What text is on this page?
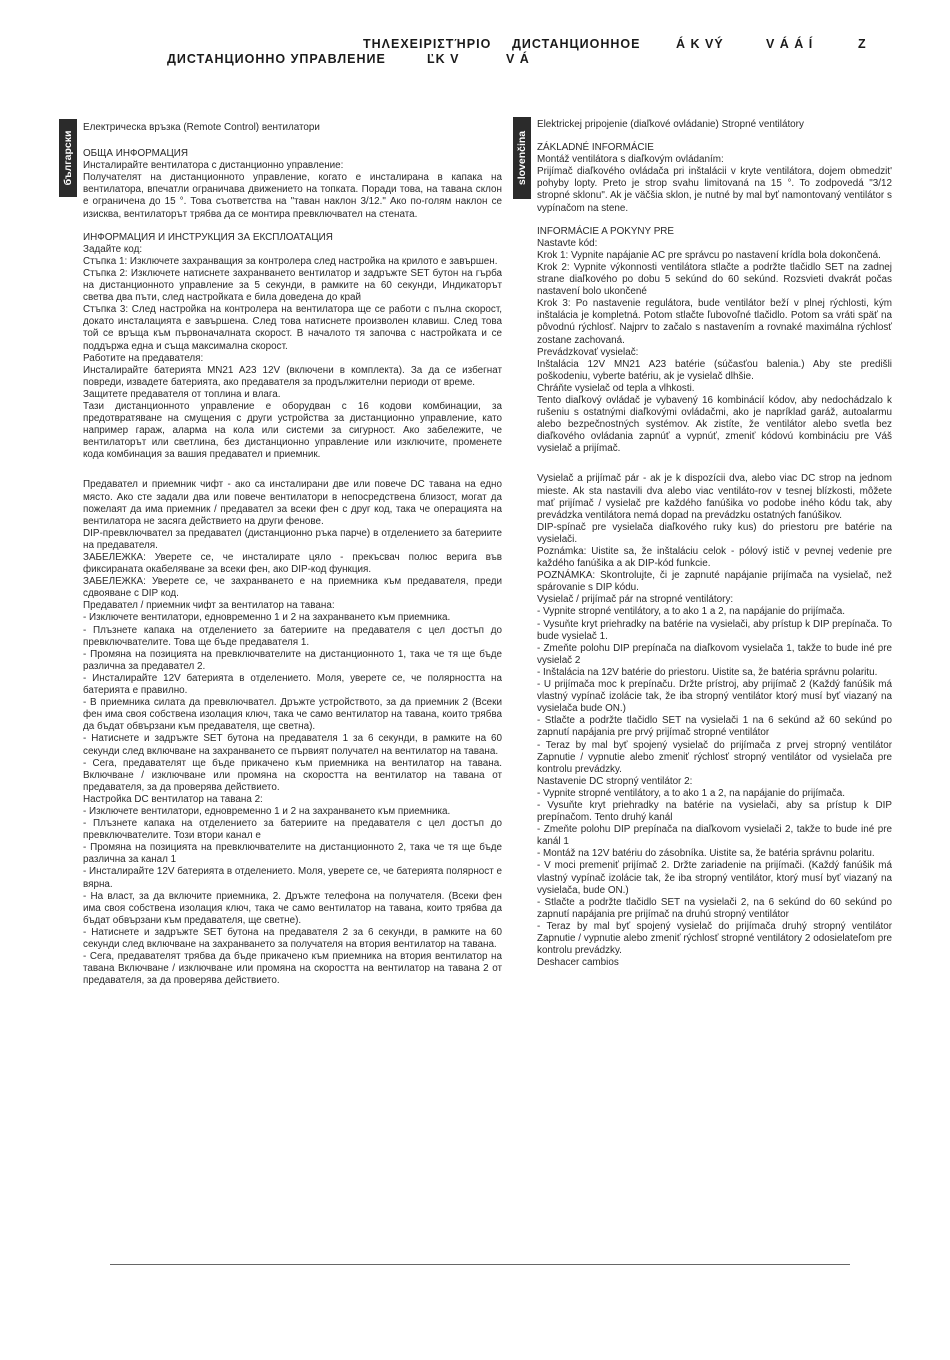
ΤΗΛΕΧΕΙΡΙΣΤΉΡΙΟ ДИСТАНЦИОННОЕ	Á K VÝ	V Á Á Í	Z
ДИСТАНЦИОННО УПРАВЛЕНИЕ	ĽK V	V Á
български

Електрическа връзка (Remote Control) вентилатори

ОБЩА ИНФОРМАЦИЯ

Инсталирайте вентилатора с дистанционно управление:

Получателят на дистанционното управление, когато е инсталирана в капака на вентилатора, впечатли ограничава движението на топката. Поради това, на тавана склон е ограничена до 15 °. Това съответства на "таван наклон 3/12." Ако по-голям наклон се изисква, вентилаторът трябва да се монтира превключвател на стената.

ИНФОРМАЦИЯ И ИНСТРУКЦИЯ ЗА ЕКСПЛОАТАЦИЯ

Задайте код:

Стъпка 1: Изключете захранващия за контролера след настройка на крилото е завършен.

Стъпка 2: Изключете натиснете захранването вентилатор и задръжте SET бутон на гърба на дистанционното управление за 5 секунди, в рамките на 60 секунди, Индикаторът светва два пъти, след настройката е била доведена до край

Стъпка 3: След настройка на контролера на вентилатора ще се работи с пълна скорост, докато инсталацията е завършена. След това натиснете произволен клавиш. След това той се връща към първоначалната скорост. В началото тя започва с настройката и се поддържа една и съща максимална скорост.

Работите на предавателя:

Инсталирайте батерията MN21 A23 12V (включени в комплекта). За да се избегнат повреди, извадете батерията, ако предавателя за продължителни периоди от време.

Защитете предавателя от топлина и влага.

Тази дистанционното управление е оборудван с 16 кодови комбинации, за предотвратяване на смущения с други устройства за дистанционно управление, като например гараж, аларма на кола или системи за сигурност. Ако забележите, че вентилаторът или светлина, без дистанционно управление или изключите, променете кода комбинация за вашия предавател и приемник.

Предавател и приемник чифт - ако са инсталирани две или повече DC тавана на едно място. Ако сте задали два или повече вентилатори в непосредствена близост, могат да пожелаят да има приемник / предавател за всеки фен с друг код, така че операцията на вентилатора не засяга действието на други фенове.

DIP-превключвател за предавател (дистанционно ръка парче) в отделението за батериите на предавателя.

ЗАБЕЛЕЖКА: Уверете се, че инсталирате цяло - прекъсвач полюс верига във фиксираната окабеляване за всеки фен, ако DIP-код функция.

ЗАБЕЛЕЖКА: Уверете се, че захранването е на приемника към предавателя, преди сдвояване с DIP код.

Предавател / приемник чифт за вентилатор на тавана:

- Изключете вентилатори, едновременно 1 и 2 на захранването към приемника.

- Плъзнете капака на отделението за батериите на предавателя с цел достъп до превключвателите. Това ще бъде предавателя 1.

- Промяна на позицията на превключвателите на дистанционното 1, така че тя ще бъде различна за предавател 2.

- Инсталирайте 12V батерията в отделението. Моля, уверете се, че полярността на батерията е правилно.

- В приемника силата да превключвател. Дръжте устройството, за да приемник 2 (Всеки фен има своя собствена изолация ключ, така че само вентилатор на тавана, които трябва да бъдат обвързани към предавателя, ще светна).

- Натиснете и задръжте SET бутона на предавателя 1 за 6 секунди, в рамките на 60 секунди след включване на захранването се първият получател на вентилатор на тавана.

- Сега, предавателят ще бъде прикачено към приемника на вентилатор на тавана. Включване / изключване или промяна на скоростта на вентилатор на тавана от предавателя, за да проверява действието.

Настройка DC вентилатор на тавана 2:

- Изключете вентилатори, едновременно 1 и 2 на захранването към приемника.

- Плъзнете капака на отделението за батериите на предавателя с цел достъп до превключвателите. Този втори канал е

- Промяна на позицията на превключвателите на дистанционното 2, така че тя ще бъде различна за канал 1

- Инсталирайте 12V батерията в отделението. Моля, уверете се, че батерията полярност е вярна.

- На власт, за да включите приемника, 2. Дръжте телефона на получателя. (Всеки фен има своя собствена изолация ключ, така че само вентилатор на тавана, които трябва да бъдат обвързани към предавателя, ще светне).

- Натиснете и задръжте SET бутона на предавателя 2 за 6 секунди, в рамките на 60 секунди след включване на захранването за получателя на втория вентилатор на тавана.

- Сега, предавателят трябва да бъде прикачено към приемника на втория вентилатор на тавана Включване / изключване или промяна на скоростта на вентилатор на тавана 2 от предавателя, за да проверява действието.

slovenčina

Elektrickej pripojenie (diaľkové ovládanie) Stropné ventilátory

ZÁKLADNÉ INFORMÁCIE

Montáž ventilátora s diaľkovým ovládaním:

Prijímač diaľkového ovládača pri inštalácii v kryte ventilátora, dojem obmedzit' pohyby lopty. Preto je strop svahu limitovaná na 15 °. To zodpovedá "3/12 stropné sklonu". Ak je väčšia sklon, je nutné by mal byť namontovaný ventilátor s vypínačom na stene.

INFORMÁCIE A POKYNY PRE

Nastavte kód:

Krok 1: Vypnite napájanie AC pre správcu po nastavení krídla bola dokončená.

Krok 2: Vypnite výkonnosti ventilátora stlačte a podržte tlačidlo SET na zadnej strane diaľkového po dobu 5 sekúnd do 60 sekúnd. Rozsvieti dvakrát počas nastavení bolo ukončené

Krok 3: Po nastavenie regulátora, bude ventilátor beží v plnej rýchlosti, kým inštalácia je kompletná. Potom stlačte ľubovoľné tlačidlo. Potom sa vráti späť na pôvodnú rýchlosť. Najprv to začalo s nastavením a rovnaké maximálna rýchlosť zostane zachovaná.

Prevádzkovať vysielač:

Inštalácia 12V MN21 A23 batérie (súčasťou balenia.) Aby ste predišli poškodeniu, vyberte batériu, ak je vysielač dlhšie.

Chráňte vysielač od tepla a vlhkosti.

Tento diaľkový ovládač je vybavený 16 kombinácií kódov, aby nedochádzalo k rušeniu s ostatnými diaľkovými ovládačmi, ako je napríklad garáž, autoalarmu alebo bezpečnostných systémov. Ak zistíte, že ventilátor alebo svetla bez diaľkového ovládania zapnúť a vypnúť, zmeniť kódovú kombináciu pre Váš vysielač a prijímač.

Vysielač a prijímač pár - ak je k dispozícii dva, alebo viac DC strop na jednom mieste. Ak sta nastavili dva alebo viac ventiláto-rov v tesnej blízkosti, môžete mať prijímač / vysielač pre každého fanúšika vo podobe iného kódu tak, aby prevádzka ventilátora nemá dopad na prevádzku ostatných fanúšikov.

DIP-spínač pre vysielača diaľkového ruky kus) do priestoru pre batérie na vysielači.

Poznámka: Uistite sa, že inštaláciu celok - pólový istič v pevnej vedenie pre každého fanúšika a ak DIP-kód funkcie.

POZNÁMKA: Skontrolujte, či je zapnuté napájanie prijímača na vysielač, než spárovanie s DIP kódu.

Vysielač / prijímač pár na stropné ventilátory:

- Vypnite stropné ventilátory, a to ako 1 a 2, na napájanie do prijímača.

- Vysuňte kryt priehradky na batérie na vysielači, aby prístup k DIP prepínača. To bude vysielač 1.

- Zmeňte polohu DIP prepínača na diaľkovom vysielača 1, takže to bude iné pre vysielač 2

- Inštalácia na 12V batérie do priestoru. Uistite sa, že batéria správnu polaritu.

- U prijímača moc k prepínaču. Držte prístroj, aby prijímač 2 (Každý fanúšik má vlastný vypínač izolácie tak, že iba stropný ventilátor ktorý musí byť viazaný na vysielača bude ON.)

- Stlačte a podržte tlačidlo SET na vysielači 1 na 6 sekúnd až 60 sekúnd po zapnutí napájania pre prvý prijímač stropné ventilátor

- Teraz by mal byť spojený vysielač do prijímača z prvej stropný ventilátor Zapnutie / vypnutie alebo zmeniť rýchlosť stropný ventilátor od vysielača pre kontrolu prevádzky.

Nastavenie DC stropný ventilátor 2:

- Vypnite stropné ventilátory, a to ako 1 a 2, na napájanie do prijímača.

- Vysuňte kryt priehradky na batérie na vysielači, aby sa prístup k DIP prepínačom. Tento druhý kanál

- Zmeňte polohu DIP prepínača na diaľkovom vysielači 2, takže to bude iné pre kanál 1

- Montáž na 12V batériu do zásobníka. Uistite sa, že batéria správnu polaritu.

- V moci premeniť prijímač 2. Držte zariadenie na prijímači. (Každý fanúšik má vlastný vypínač izolácie tak, že iba stropný ventilátor, ktorý musí byť viazaný na vysielača, bude ON.)

- Stlačte a podržte tlačidlo SET na vysielači 2, na 6 sekúnd do 60 sekúnd po zapnutí napájania pre prijímač na druhú stropný ventilátor

- Teraz by mal byť spojený vysielač do prijímača druhý stropný ventilátor Zapnutie / vypnutie alebo zmeniť rýchlosť stropné ventilátory 2 odosielateľom pre kontrolu prevádzky.

Deshacer cambios
